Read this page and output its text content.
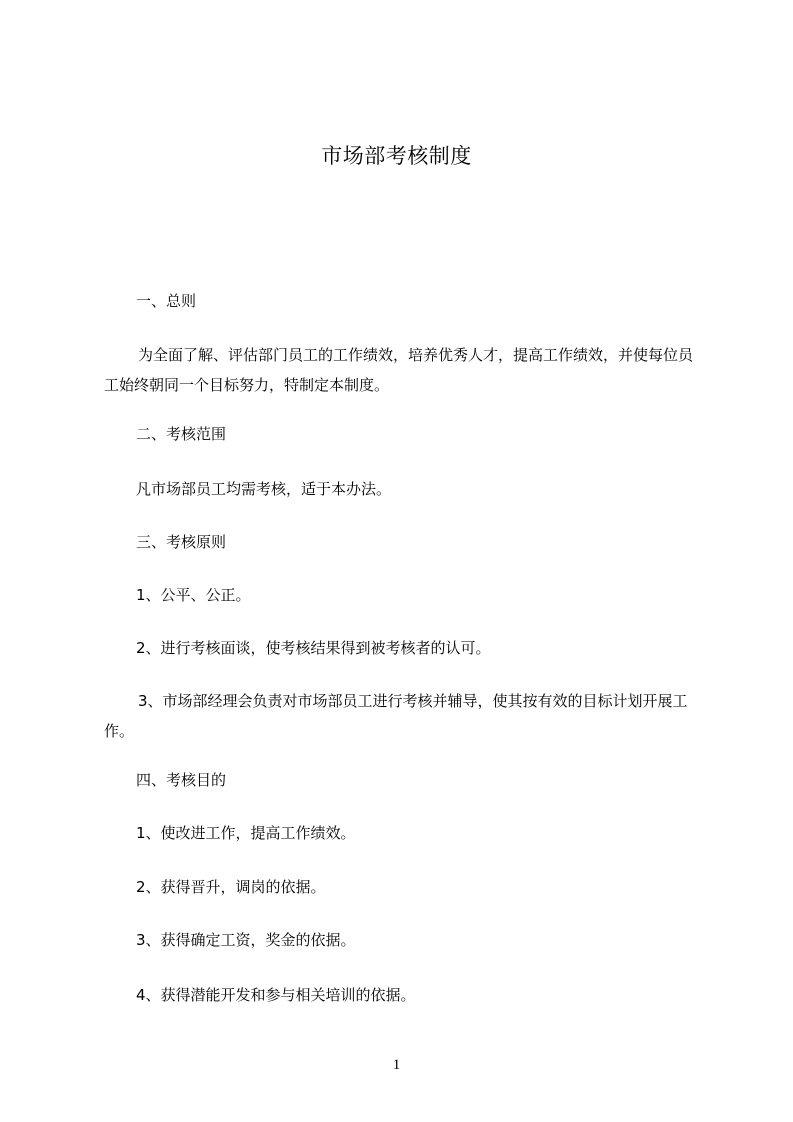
市场部考核制度
一、总则
为全面了解、评估部门员工的工作绩效，培养优秀人才，提高工作绩效，并使每位员工始终朝同一个目标努力，特制定本制度。
二、考核范围
凡市场部员工均需考核，适于本办法。
三、考核原则
1、公平、公正。
2、进行考核面谈，使考核结果得到被考核者的认可。
3、市场部经理会负责对市场部员工进行考核并辅导，使其按有效的目标计划开展工作。
四、考核目的
1、使改进工作，提高工作绩效。
2、获得晋升，调岗的依据。
3、获得确定工资，奖金的依据。
4、获得潜能开发和参与相关培训的依据。
1
